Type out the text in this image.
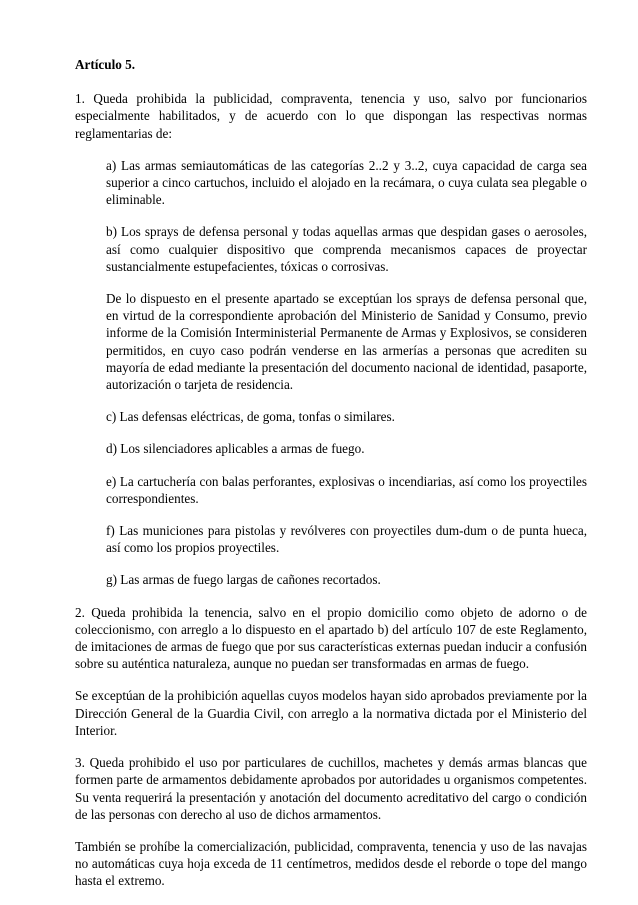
Artículo 5.

1. Queda prohibida la publicidad, compraventa, tenencia y uso, salvo por funcionarios especialmente habilitados, y de acuerdo con lo que dispongan las respectivas normas reglamentarias de:

a) Las armas semiautomáticas de las categorías 2..2 y 3..2, cuya capacidad de carga sea superior a cinco cartuchos, incluido el alojado en la recámara, o cuya culata sea plegable o eliminable.

b) Los sprays de defensa personal y todas aquellas armas que despidan gases o aerosoles, así como cualquier dispositivo que comprenda mecanismos capaces de proyectar sustancialmente estupefacientes, tóxicas o corrosivas.

De lo dispuesto en el presente apartado se exceptúan los sprays de defensa personal que, en virtud de la correspondiente aprobación del Ministerio de Sanidad y Consumo, previo informe de la Comisión Interministerial Permanente de Armas y Explosivos, se consideren permitidos, en cuyo caso podrán venderse en las armerías a personas que acrediten su mayoría de edad mediante la presentación del documento nacional de identidad, pasaporte, autorización o tarjeta de residencia.

c) Las defensas eléctricas, de goma, tonfas o similares.

d) Los silenciadores aplicables a armas de fuego.

e) La cartuchería con balas perforantes, explosivas o incendiarias, así como los proyectiles correspondientes.

f) Las municiones para pistolas y revólveres con proyectiles dum-dum o de punta hueca, así como los propios proyectiles.

g) Las armas de fuego largas de cañones recortados.

2. Queda prohibida la tenencia, salvo en el propio domicilio como objeto de adorno o de coleccionismo, con arreglo a lo dispuesto en el apartado b) del artículo 107 de este Reglamento, de imitaciones de armas de fuego que por sus características externas puedan inducir a confusión sobre su auténtica naturaleza, aunque no puedan ser transformadas en armas de fuego.

Se exceptúan de la prohibición aquellas cuyos modelos hayan sido aprobados previamente por la Dirección General de la Guardia Civil, con arreglo a la normativa dictada por el Ministerio del Interior.

3. Queda prohibido el uso por particulares de cuchillos, machetes y demás armas blancas que formen parte de armamentos debidamente aprobados por autoridades u organismos competentes. Su venta requerirá la presentación y anotación del documento acreditativo del cargo o condición de las personas con derecho al uso de dichos armamentos.

También se prohíbe la comercialización, publicidad, compraventa, tenencia y uso de las navajas no automáticas cuya hoja exceda de 11 centímetros, medidos desde el reborde o tope del mango hasta el extremo.
